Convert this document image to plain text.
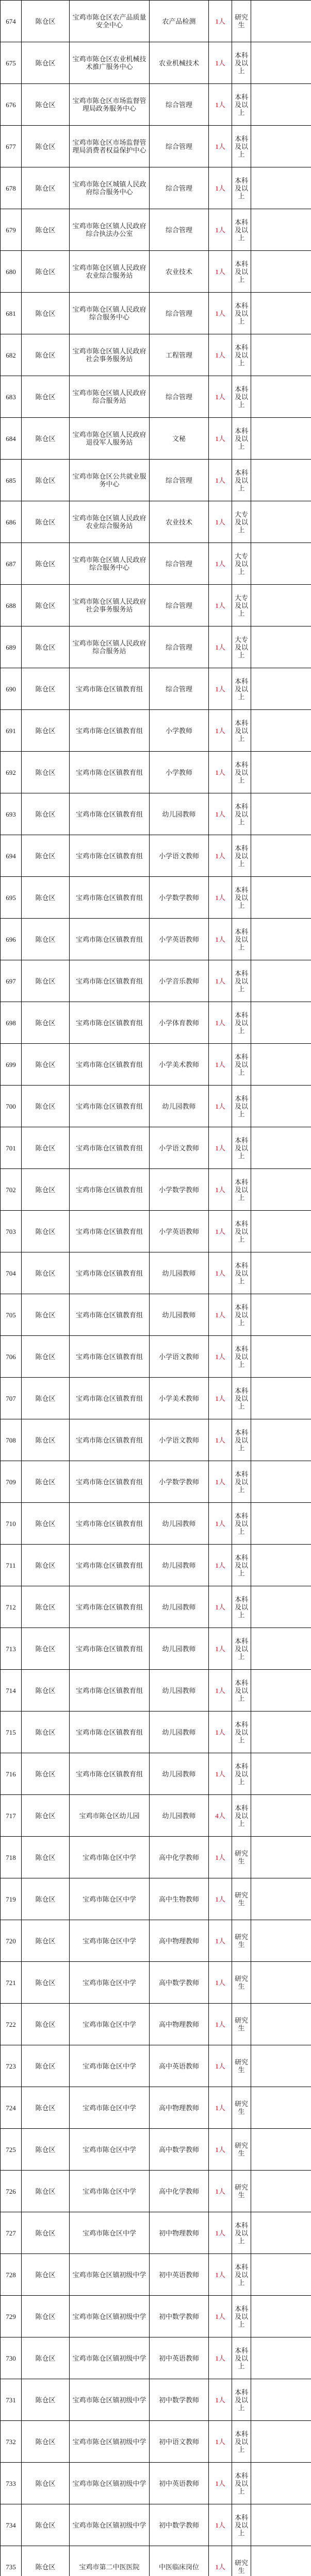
674	陈仓区	宝鸡市陈仓区农产品质量安全中心	农产品检测	1人	研究生	
675	陈仓区	宝鸡市陈仓区农业机械技术推广服务中心	农业机械技术	1人	本科及以上	
676	陈仓区	宝鸡市陈仓区市场监督管理局政务服务中心	综合管理	1人	本科及以上	
677	陈仓区	宝鸡市陈仓区市场监督管理局消费者权益保护中心	综合管理	1人	本科及以上	
678	陈仓区	宝鸡市陈仓区城镇人民政府综合服务中心	综合管理	1人	本科及以上	
679	陈仓区	宝鸡市陈仓区镇人民政府综合执法办公室	综合管理	1人	本科及以上	
680	陈仓区	宝鸡市陈仓区镇人民政府农业综合服务站	农业技术	1人	本科及以上	
681	陈仓区	宝鸡市陈仓区镇人民政府综合服务中心	综合管理	1人	本科及以上	
682	陈仓区	宝鸡市陈仓区镇人民政府社会事务服务站	工程管理	1人	本科及以上	
683	陈仓区	宝鸡市陈仓区镇人民政府综合服务站	综合管理	1人	本科及以上	
684	陈仓区	宝鸡市陈仓区镇人民政府退役军人服务站	文秘	1人	本科及以上	
685	陈仓区	宝鸡市陈仓区公共就业服务中心	综合管理	1人	本科及以上	
686	陈仓区	宝鸡市陈仓区镇人民政府农业综合服务站	农业技术	1人	大专及以上	
687	陈仓区	宝鸡市陈仓区镇人民政府综合服务中心	综合管理	1人	大专及以上	
688	陈仓区	宝鸡市陈仓区镇人民政府社会事务服务站	综合管理	1人	大专及以上	
689	陈仓区	宝鸡市陈仓区镇人民政府综合服务站	综合管理	1人	大专及以上	
690	陈仓区	宝鸡市陈仓区镇教育组	综合管理	1人	本科及以上	
691	陈仓区	宝鸡市陈仓区镇教育组	小学教师	1人	本科及以上	
692	陈仓区	宝鸡市陈仓区镇教育组	小学教师	1人	本科及以上	
693	陈仓区	宝鸡市陈仓区镇教育组	幼儿园教师	1人	本科及以上	
694	陈仓区	宝鸡市陈仓区镇教育组	小学语文教师	1人	本科及以上	
695	陈仓区	宝鸡市陈仓区镇教育组	小学数学教师	1人	本科及以上	
696	陈仓区	宝鸡市陈仓区镇教育组	小学英语教师	1人	本科及以上	
697	陈仓区	宝鸡市陈仓区镇教育组	小学音乐教师	1人	本科及以上	
698	陈仓区	宝鸡市陈仓区镇教育组	小学体育教师	1人	本科及以上	
699	陈仓区	宝鸡市陈仓区镇教育组	小学美术教师	1人	本科及以上	
700	陈仓区	宝鸡市陈仓区镇教育组	幼儿园教师	1人	本科及以上	
701	陈仓区	宝鸡市陈仓区镇教育组	小学语文教师	1人	本科及以上	
702	陈仓区	宝鸡市陈仓区镇教育组	小学数学教师	1人	本科及以上	
703	陈仓区	宝鸡市陈仓区镇教育组	小学英语教师	1人	本科及以上	
704	陈仓区	宝鸡市陈仓区镇教育组	幼儿园教师	1人	本科及以上	
705	陈仓区	宝鸡市陈仓区镇教育组	幼儿园教师	1人	本科及以上	
706	陈仓区	宝鸡市陈仓区镇教育组	小学语文教师	1人	本科及以上	
707	陈仓区	宝鸡市陈仓区镇教育组	小学美术教师	1人	本科及以上	
708	陈仓区	宝鸡市陈仓区镇教育组	小学语文教师	1人	本科及以上	
709	陈仓区	宝鸡市陈仓区镇教育组	小学数学教师	1人	本科及以上	
710	陈仓区	宝鸡市陈仓区镇教育组	幼儿园教师	1人	本科及以上	
711	陈仓区	宝鸡市陈仓区镇教育组	幼儿园教师	1人	本科及以上	
712	陈仓区	宝鸡市陈仓区镇教育组	幼儿园教师	1人	本科及以上	
713	陈仓区	宝鸡市陈仓区镇教育组	幼儿园教师	1人	本科及以上	
714	陈仓区	宝鸡市陈仓区镇教育组	幼儿园教师	1人	本科及以上	
715	陈仓区	宝鸡市陈仓区镇教育组	幼儿园教师	1人	本科及以上	
716	陈仓区	宝鸡市陈仓区镇教育组	幼儿园教师	1人	本科及以上	
717	陈仓区	宝鸡市陈仓区幼儿园	幼儿园教师	4人	本科及以上	
718	陈仓区	宝鸡市陈仓区中学	高中化学教师	1人	研究生	
719	陈仓区	宝鸡市陈仓区中学	高中生物教师	1人	研究生	
720	陈仓区	宝鸡市陈仓区中学	高中物理教师	1人	研究生	
721	陈仓区	宝鸡市陈仓区中学	高中数学教师	1人	研究生	
722	陈仓区	宝鸡市陈仓区中学	高中物理教师	1人	研究生	
723	陈仓区	宝鸡市陈仓区中学	高中英语教师	1人	研究生	
724	陈仓区	宝鸡市陈仓区中学	高中物理教师	1人	研究生	
725	陈仓区	宝鸡市陈仓区中学	高中数学教师	1人	研究生	
726	陈仓区	宝鸡市陈仓区中学	高中化学教师	1人	研究生	
727	陈仓区	宝鸡市陈仓区中学	初中物理教师	1人	本科及以上	
728	陈仓区	宝鸡市陈仓区镇初级中学	初中英语教师	1人	本科及以上	
729	陈仓区	宝鸡市陈仓区镇初级中学	初中数学教师	1人	本科及以上	
730	陈仓区	宝鸡市陈仓区镇初级中学	初中英语教师	1人	本科及以上	
731	陈仓区	宝鸡市陈仓区镇初级中学	初中数学教师	1人	本科及以上	
732	陈仓区	宝鸡市陈仓区镇初级中学	初中语文教师	1人	本科及以上	
733	陈仓区	宝鸡市陈仓区镇初级中学	初中英语教师	1人	本科及以上	
734	陈仓区	宝鸡市陈仓区镇初级中学	初中数学教师	1人	本科及以上	
735	陈仓区	宝鸡市第二中医医院	中医临床岗位	1人	研究生	
